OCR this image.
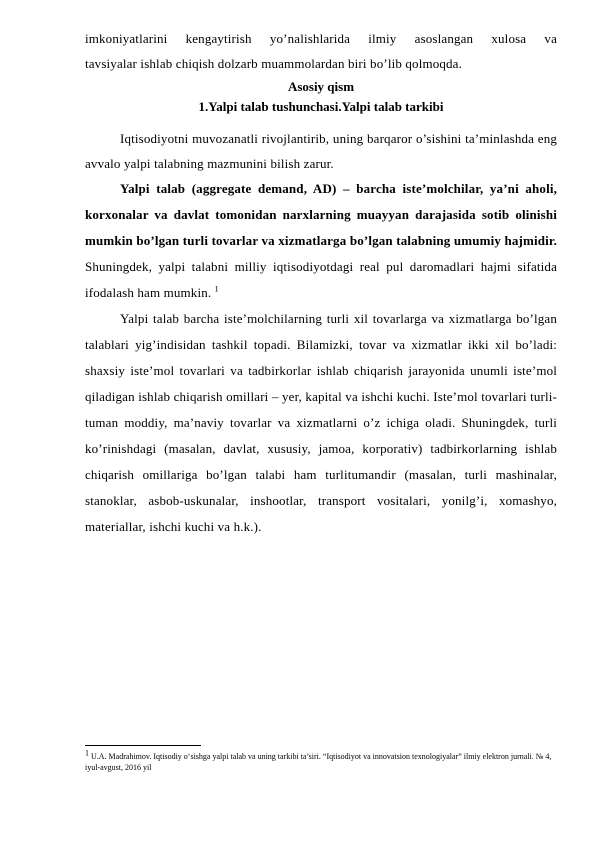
imkoniyatlarini kengaytirish yo’nalishlarida ilmiy asoslangan xulosa va

tavsiyalar ishlab chiqish dolzarb muammolardan biri bo’lib qolmoqda.

Asosiy qism

1.Yalpi talab tushunchasi.Yalpi talab tarkibi

Iqtisodiyotni muvozanatli rivojlantirib, uning barqaror o’sishini ta’minlashda eng avvalo yalpi talabning mazmunini bilish zarur.

Yalpi talab (aggregate demand, AD) – barcha iste’molchilar, ya’ni aholi, korxonalar va davlat tomonidan narxlarning muayyan darajasida sotib olinishi mumkin bo’lgan turli tovarlar va xizmatlarga bo’lgan talabning umumiy hajmidir. Shuningdek, yalpi talabni milliy iqtisodiyotdagi real pul daromadlari hajmi sifatida ifodalash ham mumkin. $^1$

Yalpi talab barcha iste’molchilarning turli xil tovarlarga va xizmatlarga bo’lgan talablari yig’indisidan tashkil topadi. Bilamizki, tovar va xizmatlar ikki xil bo’ladi: shaxsiy iste’mol tovarlari va tadbirkorlar ishlab chiqarish jarayonida unumli iste’mol qiladigan ishlab chiqarish omillari – yer, kapital va ishchi kuchi. Iste’mol tovarlari turli-tuman moddiy, ma’naviy tovarlar va xizmatlarni o’z ichiga oladi. Shuningdek, turli ko’rinishdagi (masalan, davlat, xususiy, jamoa, korporativ) tadbirkorlarning ishlab chiqarish omillariga bo’lgan talabi ham turlitumandir (masalan, turli mashinalar, stanoklar, asbob-uskunalar, inshootlar, transport vositalari, yonilg’i, xomashyo, materiallar, ishchi kuchi va h.k.).

$^1$ U.A. Madrahimov. Iqtisodiy o‘sishga yalpi talab va uning tarkibi ta’siri. “Iqtisodiyot va innovatsion texnologiyalar” ilmiy elektron jurnali. № 4, iyul-avgust, 2016 yil
